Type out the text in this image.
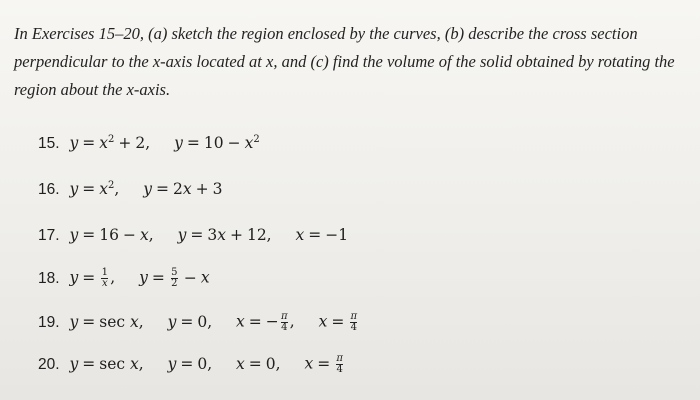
In Exercises 15–20, (a) sketch the region enclosed by the curves, (b) describe the cross section perpendicular to the x-axis located at x, and (c) find the volume of the solid obtained by rotating the region about the x-axis.

15. $y = x^2 + 2$, $y = 10 - x^2$
16. $y = x^2$, y = 2x + 3
17. y = 16 − x, y = 3x + 12, x = −1
18. $y = \frac{1}{x}$ , $y = \frac{5}{2} - x$
19. y = sec x, y = 0, x = − $\frac{\pi}{4}$ , $x = \frac{\pi}{4}$
20. y = sec x, y = 0, x = 0, $x = \frac{\pi}{4}$
